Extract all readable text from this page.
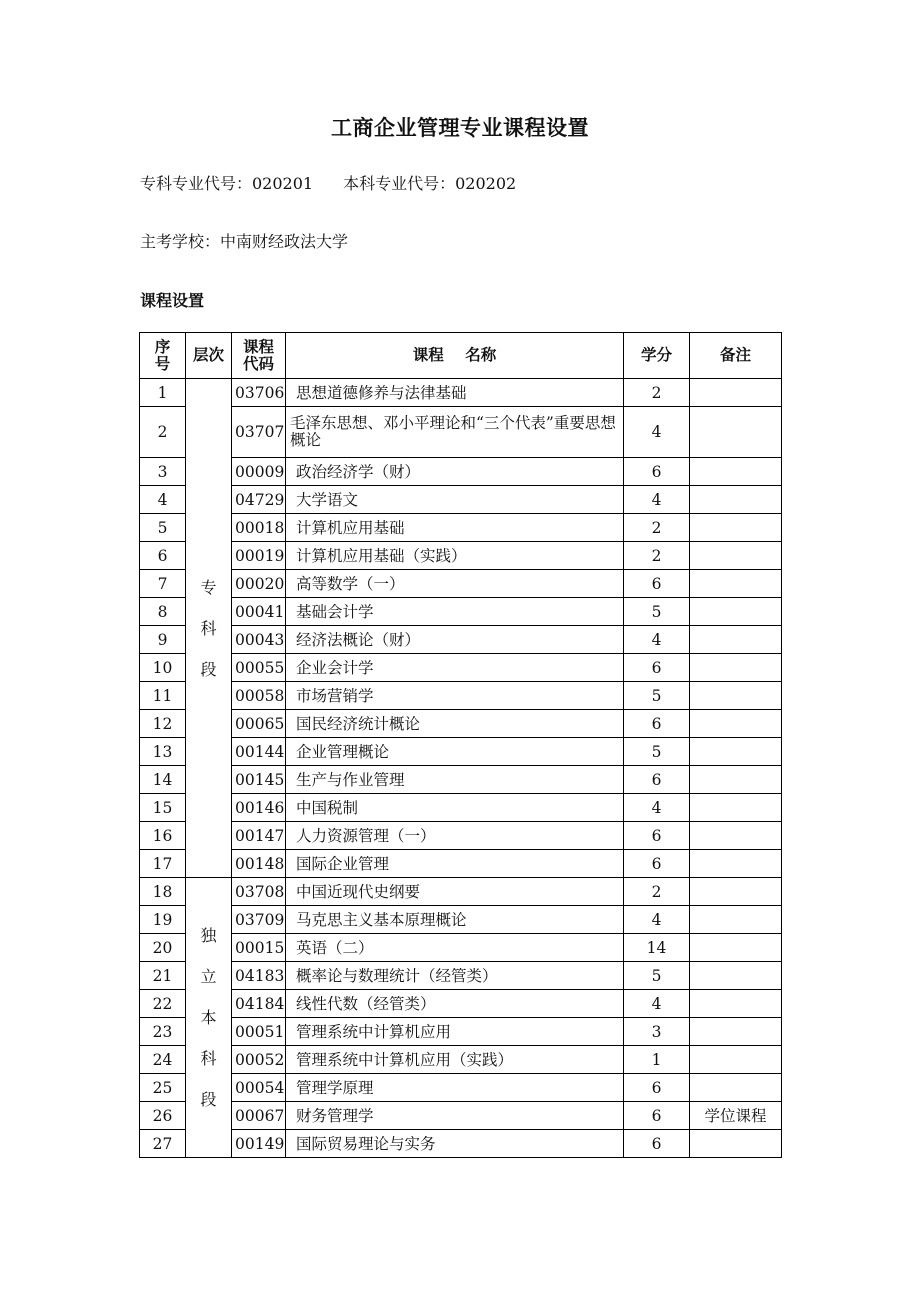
工商企业管理专业课程设置
专科专业代号：020201 本科专业代号：020202
主考学校：中南财经政法大学
课程设置
序号	层次	课程代码	课程    名称	学分	备注
1	专科段	03706	思想道德修养与法律基础	2	
2		03707	毛泽东思想、邓小平理论和“三个代表”重要思想概论	4	
3		00009	政治经济学（财）	6	
4		04729	大学语文	4	
5		00018	计算机应用基础	2	
6		00019	计算机应用基础（实践）	2	
7		00020	高等数学（一）	6	
8		00041	基础会计学	5	
9		00043	经济法概论（财）	4	
10		00055	企业会计学	6	
11		00058	市场营销学	5	
12		00065	国民经济统计概论	6	
13		00144	企业管理概论	5	
14		00145	生产与作业管理	6	
15		00146	中国税制	4	
16		00147	人力资源管理（一）	6	
17		00148	国际企业管理	6	
18	独立本科段	03708	中国近现代史纲要	2	
19		03709	马克思主义基本原理概论	4	
20		00015	英语（二）	14	
21		04183	概率论与数理统计（经管类）	5	
22		04184	线性代数（经管类）	4	
23		00051	管理系统中计算机应用	3	
24		00052	管理系统中计算机应用（实践）	1	
25		00054	管理学原理	6	
26		00067	财务管理学	6	学位课程
27		00149	国际贸易理论与实务	6	
